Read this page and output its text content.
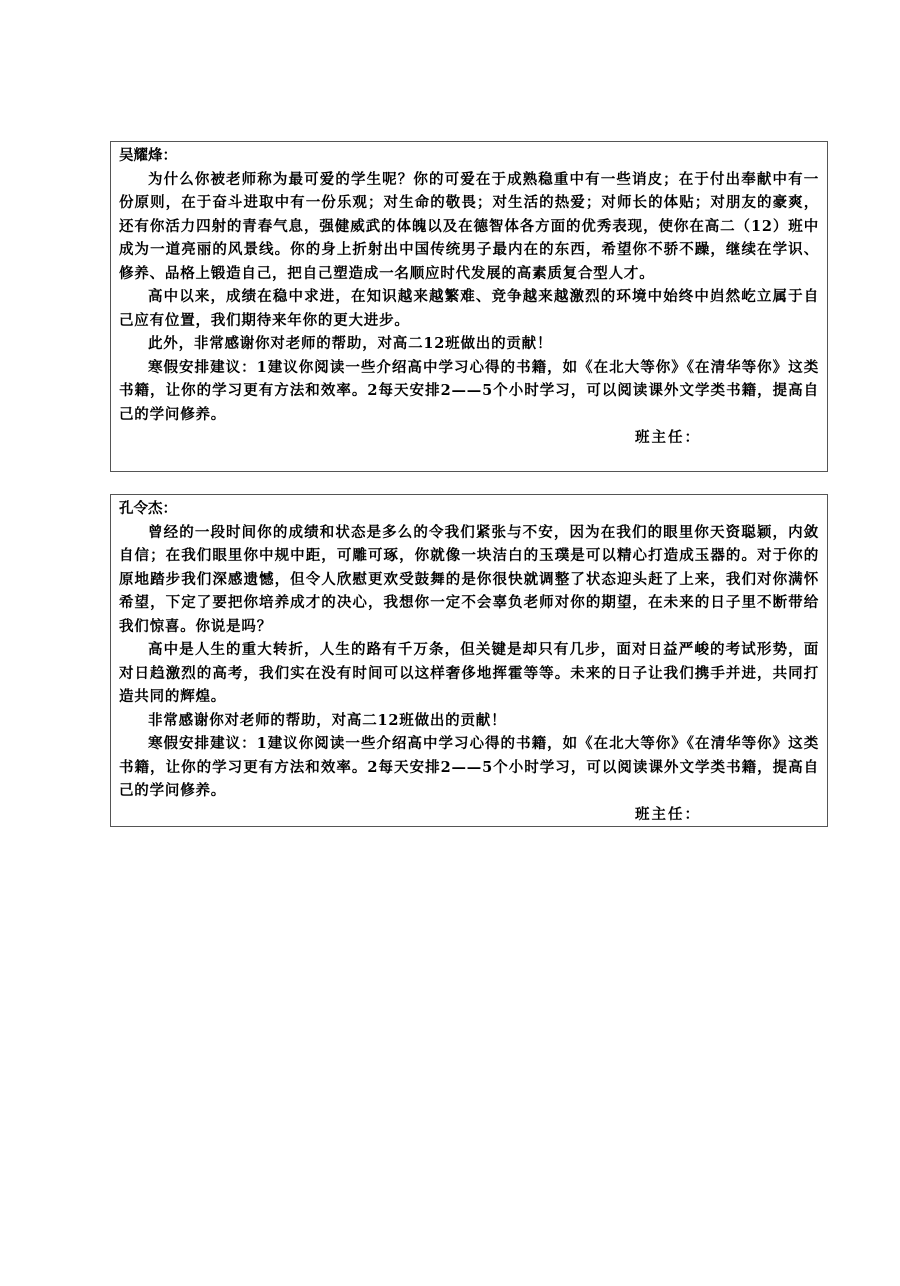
吴耀烽：

为什么你被老师称为最可爱的学生呢？你的可爱在于成熟稳重中有一些诮皮；在于付出奉献中有一份原则，在于奋斗进取中有一份乐观；对生命的敬畏；对生活的热爱；对师长的体贴；对朋友的豪爽，还有你活力四射的青春气息，强健威武的体魄以及在德智体各方面的优秀表现，使你在高二（12）班中成为一道亮丽的风景线。你的身上折射出中国传统男子最内在的东西，希望你不骄不躁，继续在学识、修养、品格上锻造自己，把自己塑造成一名顺应时代发展的高素质复合型人才。

高中以来，成绩在稳中求进，在知识越来越繁难、竞争越来越激烈的环境中始终中岿然屹立属于自己应有位置，我们期待来年你的更大进步。

此外，非常感谢你对老师的帮助，对高二12班做出的贡献！

寒假安排建议：1建议你阅读一些介绍高中学习心得的书籍，如《在北大等你》《在清华等你》这类书籍，让你的学习更有方法和效率。2每天安排2——5个小时学习，可以阅读课外文学类书籍，提高自己的学问修养。

班主任：

孔令杰：

曾经的一段时间你的成绩和状态是多么的令我们紧张与不安，因为在我们的眼里你天资聪颖，内敛自信；在我们眼里你中规中距，可雕可琢，你就像一块洁白的玉璞是可以精心打造成玉器的。对于你的原地踏步我们深感遗憾，但令人欣慰更欢受鼓舞的是你很快就调整了状态迎头赶了上来，我们对你满怀希望，下定了要把你培养成才的决心，我想你一定不会辜负老师对你的期望，在未来的日子里不断带给我们惊喜。你说是吗？

高中是人生的重大转折，人生的路有千万条，但关键是却只有几步，面对日益严峻的考试形势，面对日趋激烈的高考，我们实在没有时间可以这样奢侈地挥霍等等。未来的日子让我们携手并进，共同打造共同的辉煌。

非常感谢你对老师的帮助，对高二12班做出的贡献！

寒假安排建议：1建议你阅读一些介绍高中学习心得的书籍，如《在北大等你》《在清华等你》这类书籍，让你的学习更有方法和效率。2每天安排2——5个小时学习，可以阅读课外文学类书籍，提高自己的学问修养。

班主任：
